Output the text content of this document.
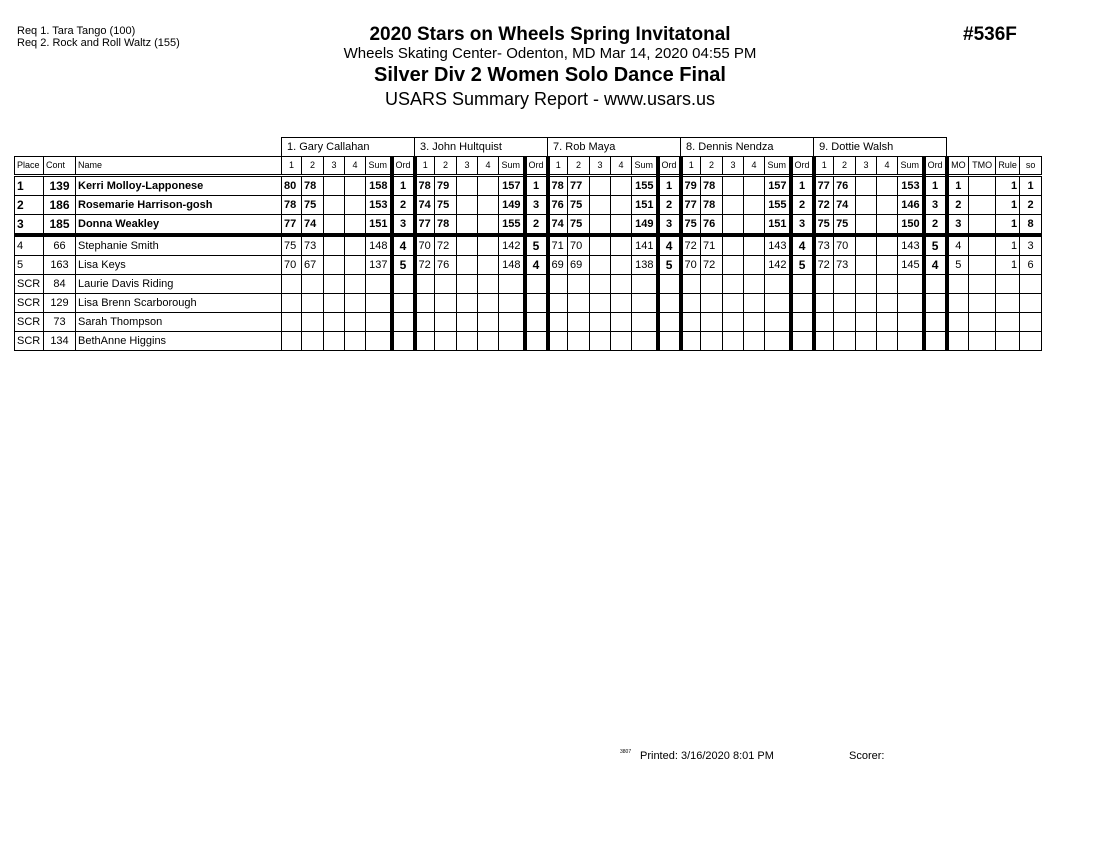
Req 1. Tara Tango (100)
Req 2. Rock and Roll Waltz (155)	2020 Stars on Wheels Spring Invitatonal
Wheels Skating Center- Odenton, MD Mar 14, 2020 04:55 PM
Silver Div 2 Women Solo Dance Final
USARS Summary Report - www.usars.us
#536F
			1. Gary Callahan						3. John Hultquist						7. Rob Maya						8. Dennis Nendza						9. Dottie Walsh									
Place	Cont	Name	1	2	3	4	Sum	Ord	1	2	3	4	Sum	Ord	1	2	3	4	Sum	Ord	1	2	3	4	Sum	Ord	1	2	3	4	Sum	Ord	MO	TMO	Rule	so
1	139	Kerri Molloy-Lapponese	80	78			158	1	78	79			157	1	78	77			155	1	79	78			157	1	77	76			153	1	1		1	1
2	186	Rosemarie Harrison-gosh	78	75			153	2	74	75			149	3	76	75			151	2	77	78			155	2	72	74			146	3	2		1	2
3	185	Donna Weakley	77	74			151	3	77	78			155	2	74	75			149	3	75	76			151	3	75	75			150	2	3		1	8
4	66	Stephanie Smith	75	73			148	4	70	72			142	5	71	70			141	4	72	71			143	4	73	70			143	5	4		1	3
5	163	Lisa Keys	70	67			137	5	72	76			148	4	69	69			138	5	70	72			142	5	72	73			145	4	5		1	6
SCR	84	Laurie Davis Riding																																		
SCR	129	Lisa Brenn Scarborough																																		
SCR	73	Sarah Thompson																																		
SCR	134	BethAnne Higgins																																		
3807 Printed: 3/16/2020 8:01 PM	Scorer:
